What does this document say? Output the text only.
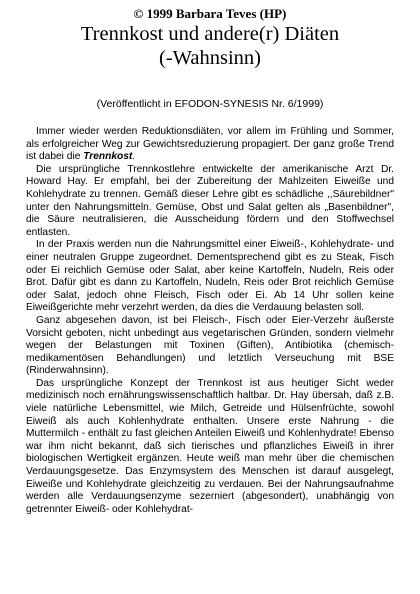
© 1999 Barbara Teves (HP)
Trennkost und andere(r) Diäten
(-Wahnsinn)
(Veröffentlicht in EFODON-SYNESIS Nr. 6/1999)

Immer wieder werden Reduktionsdiäten, vor allem im Frühling und Sommer, als erfolgreicher Weg zur Gewichtsreduzierung propagiert. Der ganz große Trend ist dabei die Trennkost.

Die ursprüngliche Trennkostlehre entwickelte der amerikanische Arzt Dr. Howard Hay. Er empfahl, bei der Zubereitung der Mahlzeiten Eiweiße und Kohlehydrate zu trennen. Gemäß dieser Lehre gibt es schädliche ,,Säurebildner" unter den Nahrungsmitteln. Gemüse, Obst und Salat gelten als „Basenbildner", die Säure neutralisieren, die Ausscheidung fördern und den Stoffwechsel entlasten.

In der Praxis werden nun die Nahrungsmittel einer Eiweiß-, Kohlehydrate- und einer neutralen Gruppe zugeordnet. Dementsprechend gibt es zu Steak, Fisch oder Ei reichlich Gemüse oder Salat, aber keine Kartoffeln, Nudeln, Reis oder Brot. Dafür gibt es dann zu Kartoffeln, Nudeln, Reis oder Brot reichlich Gemüse oder Salat, jedoch ohne Fleisch, Fisch oder Ei. Ab 14 Uhr sollen keine Eiweißgerichte mehr verzehrt werden, da dies die Verdauung belasten soll.

Ganz abgesehen davon, ist bei Fleisch-, Fisch oder Eier-Verzehr äußerste Vorsicht geboten, nicht unbedingt aus vegetarischen Gründen, sondern vielmehr wegen der Belastungen mit Toxinen (Giften), Antibiotika (chemisch-medikamentösen Behandlungen) und letztlich Verseuchung mit BSE (Rinderwahnsinn).

Das ursprüngliche Konzept der Trennkost ist aus heutiger Sicht weder medizinisch noch ernährungswissenschaftlich haltbar. Dr. Hay übersah, daß z.B. viele natürliche Lebensmittel, wie Milch, Getreide und Hülsenfrüchte, sowohl Eiweiß als auch Kohlenhydrate enthalten. Unsere erste Nahrung - die Muttermilch - enthält zu fast gleichen Anteilen Eiweiß und Kohlenhydrate! Ebenso war ihm nicht bekannt, daß sich tierisches und pflanzliches Eiweiß in ihrer biologischen Wertigkeit ergänzen. Heute weiß man mehr über die chemischen Verdauungsgesetze. Das Enzymsystem des Menschen ist darauf ausgelegt, Eiweiße und Kohlehydrate gleichzeitig zu verdauen. Bei der Nahrungsaufnahme werden alle Verdauungsenzyme sezerniert (abgesondert), unabhängig von getrennter Eiweiß- oder Kohlehydrat-
